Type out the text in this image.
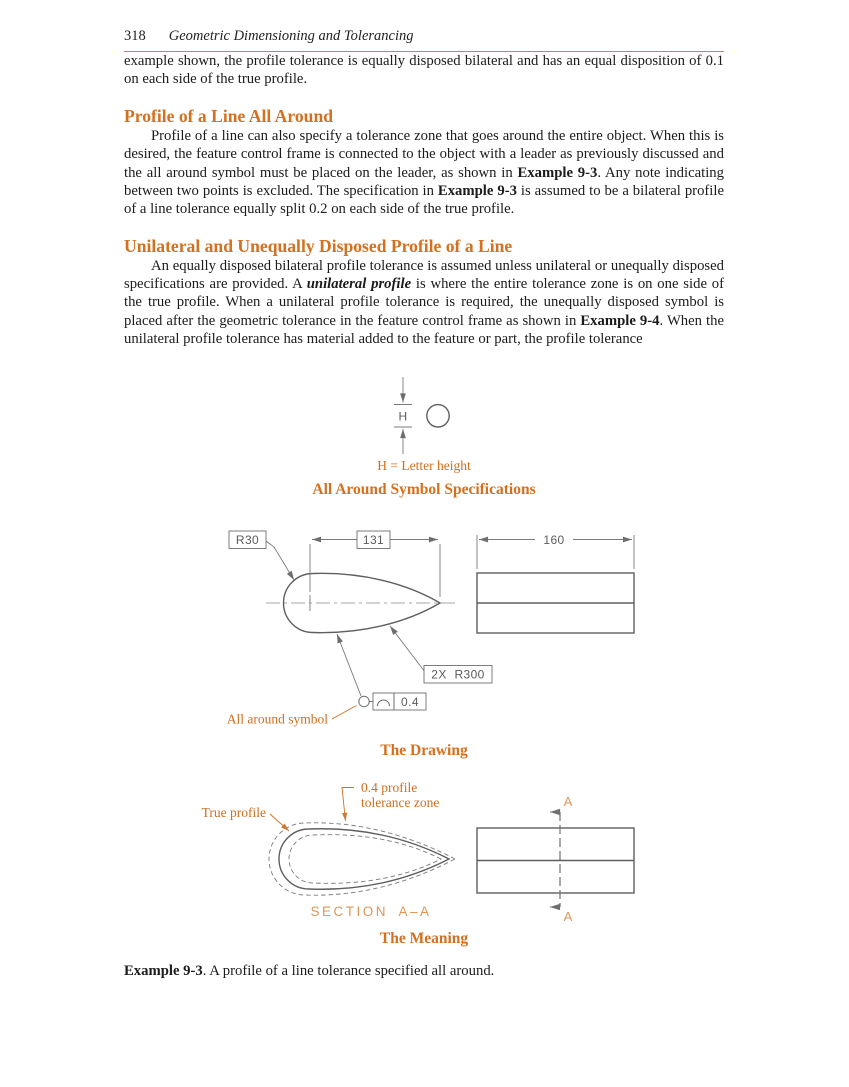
318 Geometric Dimensioning and Tolerancing

example shown, the profile tolerance is equally disposed bilateral and has an equal disposition of 0.1 on each side of the true profile.

Profile of a Line All Around

Profile of a line can also specify a tolerance zone that goes around the entire object. When this is desired, the feature control frame is connected to the object with a leader as previously discussed and the all around symbol must be placed on the leader, as shown in Example 9-3. Any note indicating between two points is excluded. The specification in Example 9-3 is assumed to be a bilateral profile of a line tolerance equally split 0.2 on each side of the true profile.

Unilateral and Unequally Disposed Profile of a Line

An equally disposed bilateral profile tolerance is assumed unless unilateral or unequally disposed specifications are provided. A unilateral profile is where the entire tolerance zone is on one side of the true profile. When a unilateral profile tolerance is required, the unequally disposed symbol is placed after the geometric tolerance in the feature control frame as shown in Example 9-4. When the unilateral profile tolerance has material added to the feature or part, the profile tolerance

H

H = Letter height

All Around Symbol Specifications

R30	131
2X R300
0.4
All around symbol
160

The Drawing

0.4 profile
tolerance zone
True profile
SECTION A–A
A
A

The Meaning

Example 9-3. A profile of a line tolerance specified all around.
